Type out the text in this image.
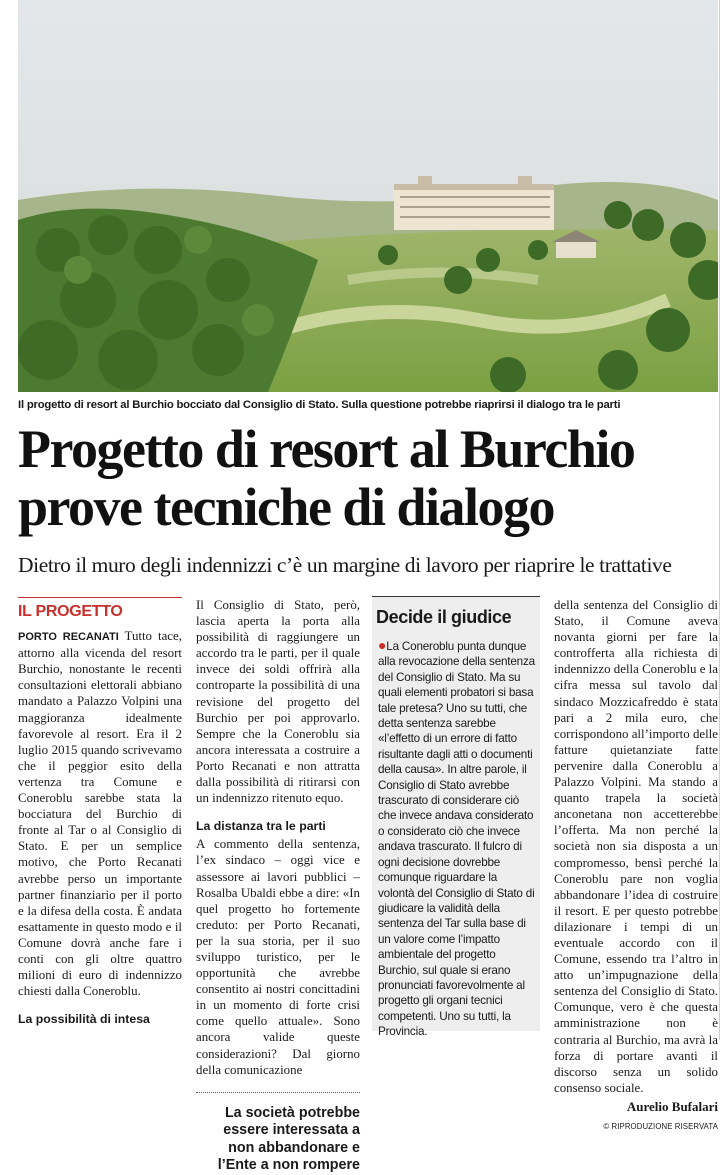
Il progetto di resort al Burchio bocciato dal Consiglio di Stato. Sulla questione potrebbe riaprirsi il dialogo tra le parti
Progetto di resort al Burchio
prove tecniche di dialogo
Dietro il muro degli indennizzi c’è un margine di lavoro per riaprire le trattative
IL PROGETTO

PORTO RECANATI Tutto tace, attorno alla vicenda del resort Burchio, nonostante le recenti consultazioni elettorali abbiano mandato a Palazzo Volpini una maggioranza idealmente favorevole al resort. Era il 2 luglio 2015 quando scrivevamo che il peggior esito della vertenza tra Comune e Coneroblu sarebbe stata la bocciatura del Burchio di fronte al Tar o al Consiglio di Stato. E per un semplice motivo, che Porto Recanati avrebbe perso un importante partner finanziario per il porto e la difesa della costa. È andata esattamente in questo modo e il Comune dovrà anche fare i conti con gli oltre quattro milioni di euro di indennizzo chiesti dalla Coneroblu.

La possibilità di intesa

Il Consiglio di Stato, però, lascia aperta la porta alla possibilità di raggiungere un accordo tra le parti, per il quale invece dei soldi offrirà alla controparte la possibilità di una revisione del progetto del Burchio per poi approvarlo. Sempre che la Coneroblu sia ancora interessata a costruire a Porto Recanati e non attratta dalla possibilità di ritirarsi con un indennizzo ritenuto equo.

La distanza tra le parti

A commento della sentenza, l’ex sindaco – oggi vice e assessore ai lavori pubblici – Rosalba Ubaldi ebbe a dire: «In quel progetto ho fortemente creduto: per Porto Recanati, per la sua storia, per il suo sviluppo turistico, per le opportunità che avrebbe consentito ai nostri concittadini in un momento di forte crisi come quello attuale». Sono ancora valide queste considerazioni? Dal giorno della comunicazione

La società potrebbe essere interessata a non abbandonare e l’Ente a non rompere
Decide il giudice

●La Coneroblu punta dunque alla revocazione della sentenza del Consiglio di Stato. Ma su quali elementi probatori si basa tale pretesa? Uno su tutti, che detta sentenza sarebbe «l’effetto di un errore di fatto risultante dagli atti o documenti della causa». In altre parole, il Consiglio di Stato avrebbe trascurato di considerare ciò che invece andava considerato o considerato ciò che invece andava trascurato. Il fulcro di ogni decisione dovrebbe comunque riguardare la volontà del Consiglio di Stato di giudicare la validità della sentenza del Tar sulla base di un valore come l’impatto ambientale del progetto Burchio, sul quale si erano pronunciati favorevolmente al progetto gli organi tecnici competenti. Uno su tutti, la Provincia.

della sentenza del Consiglio di Stato, il Comune aveva novanta giorni per fare la controfferta alla richiesta di indennizzo della Coneroblu e la cifra messa sul tavolo dal sindaco Mozzicafreddo è stata pari a 2 mila euro, che corrispondono all’importo delle fatture quietanziate fatte pervenire dalla Coneroblu a Palazzo Volpini. Ma stando a quanto trapela la società anconetana non accetterebbe l’offerta. Ma non perché la società non sia disposta a un compromesso, bensì perché la Coneroblu pare non voglia abbandonare l’idea di costruire il resort. E per questo potrebbe dilazionare i tempi di un eventuale accordo con il Comune, essendo tra l’altro in atto un’impugnazione della sentenza del Consiglio di Stato. Comunque, vero è che questa amministrazione non è contraria al Burchio, ma avrà la forza di portare avanti il discorso senza un solido consenso sociale.

Aurelio Bufalari

© RIPRODUZIONE RISERVATA
